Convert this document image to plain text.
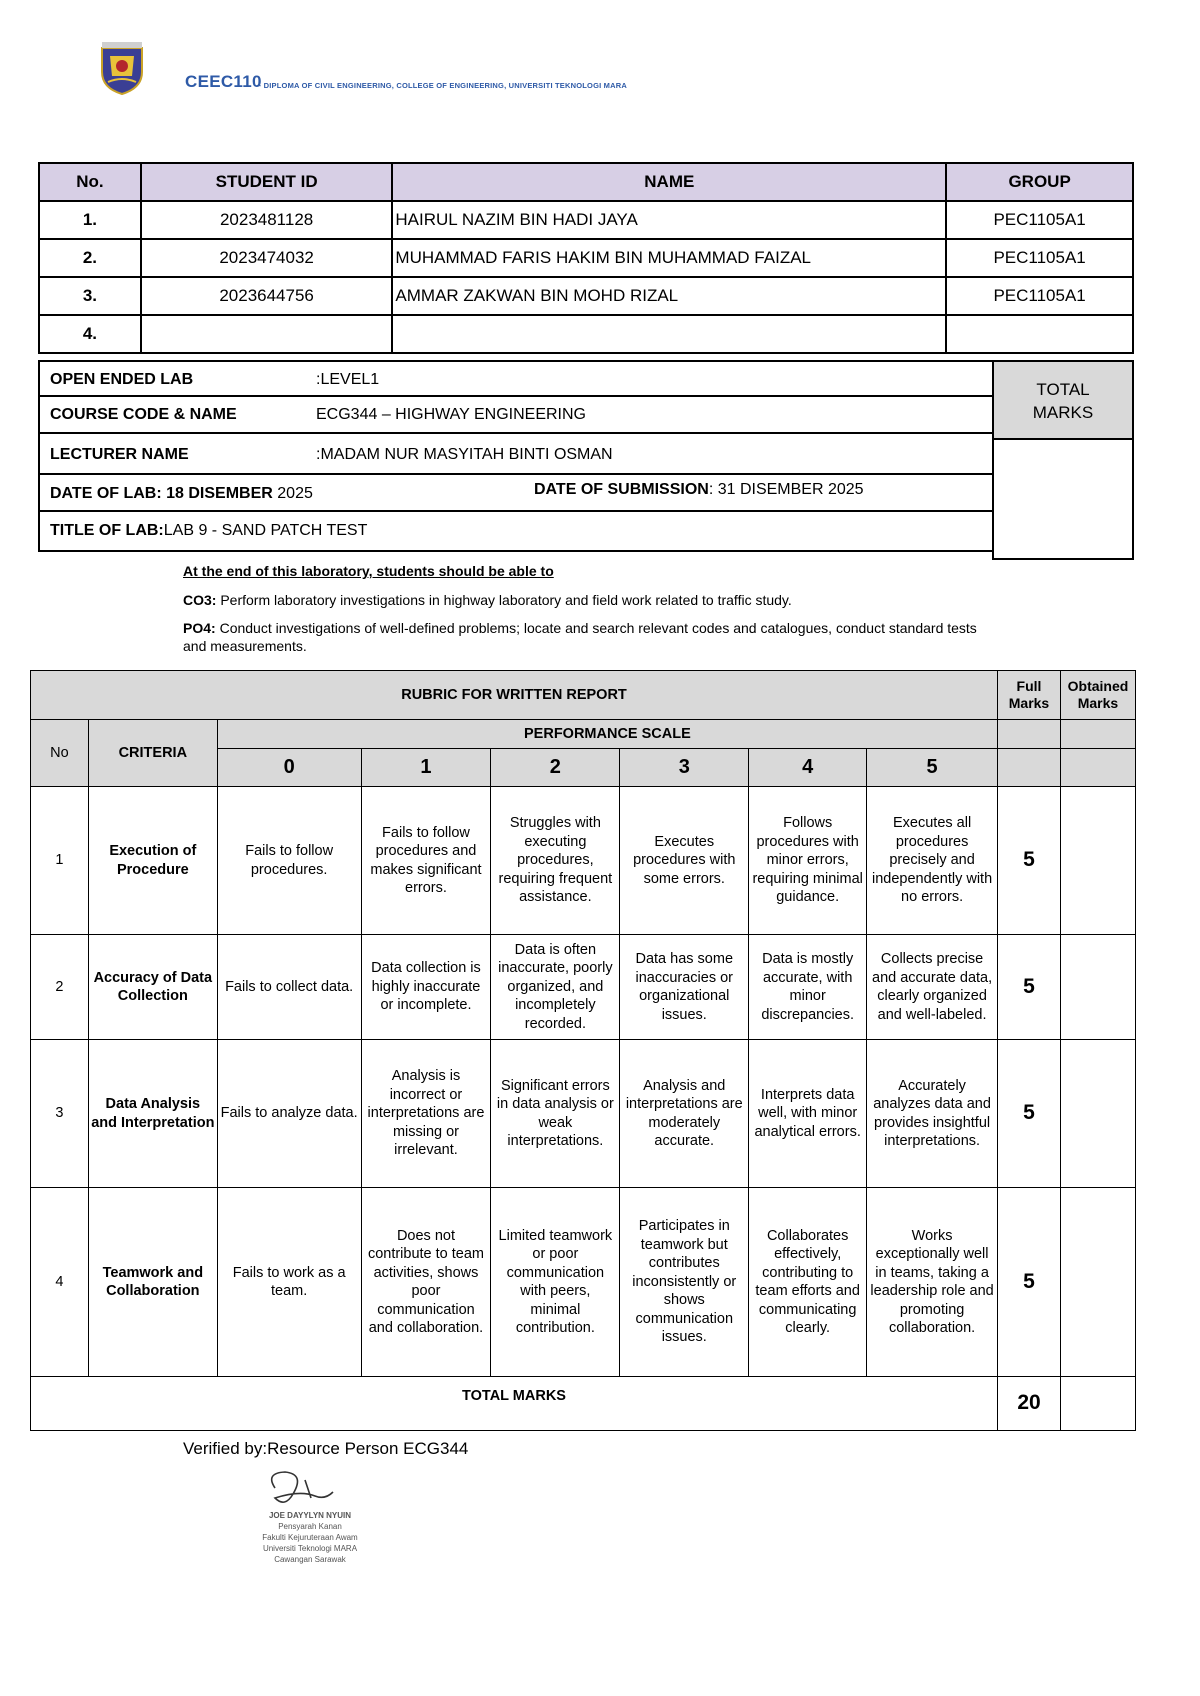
CEEC110
– DIPLOMA OF CIVIL ENGINEERING, COLLEGE OF ENGINEERING, UNIVERSITI TEKNOLOGI MARA
No.	STUDENT ID	NAME	GROUP
1.	2023481128	HAIRUL NAZIM BIN HADI JAYA	PEC1105A1
2.	2023474032	MUHAMMAD FARIS HAKIM BIN MUHAMMAD FAIZAL	PEC1105A1
3.	2023644756	AMMAR ZAKWAN BIN MOHD RIZAL	PEC1105A1
4.			
OPEN ENDED LAB	:LEVEL1
COURSE CODE & NAME	ECG344 – HIGHWAY ENGINEERING
LECTURER NAME	:MADAM NUR MASYITAH BINTI OSMAN
DATE OF LAB: 18 DISEMBER 2025	DATE OF SUBMISSION: 31 DISEMBER 2025
TITLE OF LAB:LAB 9 - SAND PATCH TEST
TOTAL
MARKS
At the end of this laboratory, students should be able to

CO3: Perform laboratory investigations in highway laboratory and field work related to traffic study.

PO4: Conduct investigations of well-defined problems; locate and search relevant codes and catalogues, conduct standard tests and measurements.

RUBRIC FOR WRITTEN REPORT								Full Marks	Obtained Marks
No	CRITERIA	PERFORMANCE SCALE							
		0	1	2	3	4	5		
1	Execution of Procedure	Fails to follow procedures.	Fails to follow procedures and makes significant errors.	Struggles with executing procedures, requiring frequent assistance.	Executes procedures with some errors.	Follows procedures with minor errors, requiring minimal guidance.	Executes all procedures precisely and independently with no errors.	5	
2	Accuracy of Data Collection	Fails to collect data.	Data collection is highly inaccurate or incomplete.	Data is often inaccurate, poorly organized, and incompletely recorded.	Data has some inaccuracies or organizational issues.	Data is mostly accurate, with minor discrepancies.	Collects precise and accurate data, clearly organized and well-labeled.	5	
3	Data Analysis and Interpretation	Fails to analyze data.	Analysis is incorrect or interpretations are missing or irrelevant.	Significant errors in data analysis or weak interpretations.	Analysis and interpretations are moderately accurate.	Interprets data well, with minor analytical errors.	Accurately analyzes data and provides insightful interpretations.	5	
4	Teamwork and Collaboration	Fails to work as a team.	Does not contribute to team activities, shows poor communication and collaboration.	Limited teamwork or poor communication with peers, minimal contribution.	Participates in teamwork but contributes inconsistently or shows communication issues.	Collaborates effectively, contributing to team efforts and communicating clearly.	Works exceptionally well in teams, taking a leadership role and promoting collaboration.	5	
TOTAL MARKS								20	
Verified by:Resource Person ECG344
JOE DAYYLYN NYUIN
Pensyarah Kanan
Fakulti Kejuruteraan Awam
Universiti Teknologi MARA
Cawangan Sarawak
